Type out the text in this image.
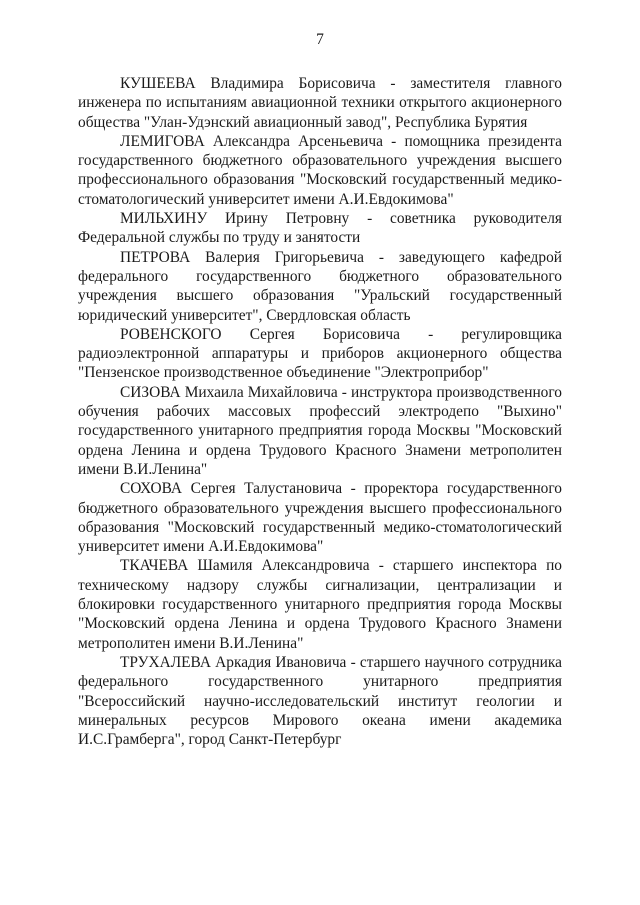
7

КУШЕЕВА Владимира Борисовича - заместителя главного инженера по испытаниям авиационной техники открытого акционерного общества "Улан-Удэнский авиационный завод", Республика Бурятия

ЛЕМИГОВА Александра Арсеньевича - помощника президента государственного бюджетного образовательного учреждения высшего профессионального образования "Московский государственный медико-стоматологический университет имени А.И.Евдокимова"

МИЛЬХИНУ Ирину Петровну - советника руководителя Федеральной службы по труду и занятости

ПЕТРОВА Валерия Григорьевича - заведующего кафедрой федерального государственного бюджетного образовательного учреждения высшего образования "Уральский государственный юридический университет", Свердловская область

РОВЕНСКОГО Сергея Борисовича - регулировщика радиоэлектронной аппаратуры и приборов акционерного общества "Пензенское производственное объединение "Электроприбор"

СИЗОВА Михаила Михайловича - инструктора производственного обучения рабочих массовых профессий электродепо "Выхино" государственного унитарного предприятия города Москвы "Московский ордена Ленина и ордена Трудового Красного Знамени метрополитен имени В.И.Ленина"

СОХОВА Сергея Талустановича - проректора государственного бюджетного образовательного учреждения высшего профессионального образования "Московский государственный медико-стоматологический университет имени А.И.Евдокимова"

ТКАЧЕВА Шамиля Александровича - старшего инспектора по техническому надзору службы сигнализации, централизации и блокировки государственного унитарного предприятия города Москвы "Московский ордена Ленина и ордена Трудового Красного Знамени метрополитен имени В.И.Ленина"

ТРУХАЛЕВА Аркадия Ивановича - старшего научного сотрудника федерального государственного унитарного предприятия "Всероссийский научно-исследовательский институт геологии и минеральных ресурсов Мирового океана имени академика И.С.Грамберга", город Санкт-Петербург
